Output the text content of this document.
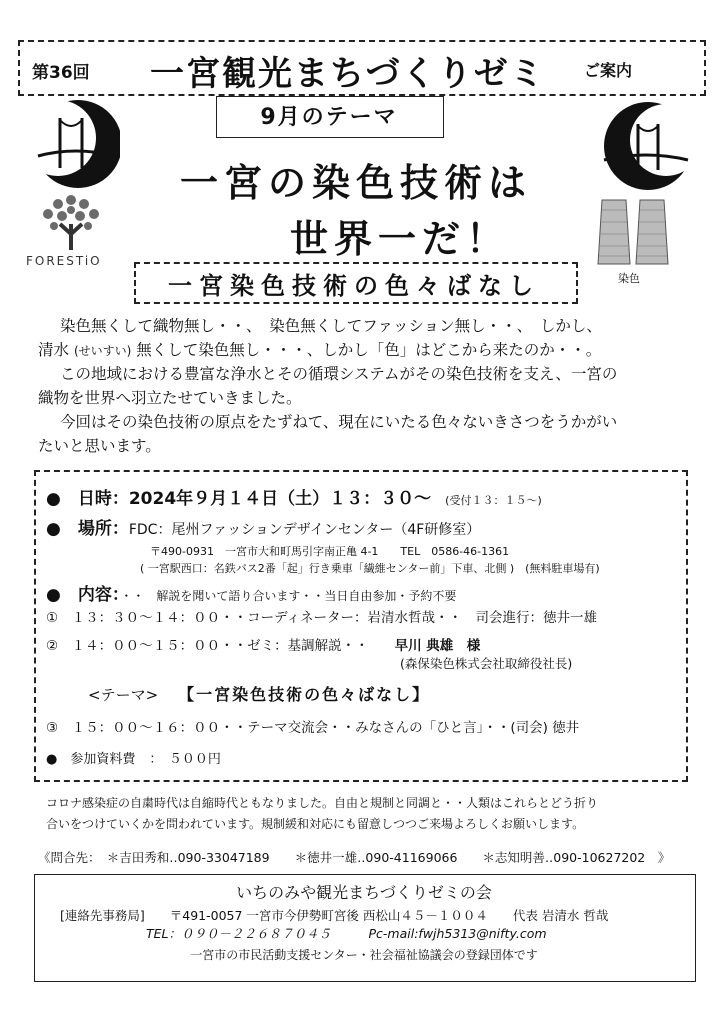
第36回 一宮観光まちづくりゼミ ご案内
9月のテーマ
一宮の染色技術は
世界一だ！
一宮染色技術の色々ばなし
FORESTiO
染色
染色無くして織物無し・・、　染色無くしてファッション無し・・、　しかし、
清水 (せいすい) 無くして染色無し・・・、しかし「色」はどこから来たのか・・。
この地域における豊富な浄水とその循環システムがその染色技術を支え、一宮の
織物を世界へ羽立たせていきました。
今回はその染色技術の原点をたずねて、現在にいたる色々ないきさつをうかがい
たいと思います。
●　日時：2024年９月１４日（土）１３：３０～ (受付１３：１５～)
●　場所：FDC：尾州ファッションデザインセンター（4F研修室）
〒490-0931　一宮市大和町馬引字南正亀 4-1　　TEL　0586-46-1361
( 一宮駅西口：名鉄バス2番「起」行き乗車「繊維センター前」下車、北側 )　(無料駐車場有)
●　内容：・・　解説を聞いて語り合います・・当日自由参加・予約不要
①　１３：３０～１４：００・・コーディネーター：岩清水哲哉・・　司会進行：徳井一雄
②　１４：００～１５：００・・ゼミ：基調解説・・ 早川 典雄　様
(森保染色株式会社取締役社長)
<テーマ> 【一宮染色技術の色々ばなし】
③　１５：００～１６：００・・テーマ交流会・・みなさんの「ひと言」・・(司会) 徳井
●　参加資料費 ：　５００円
コロナ感染症の自粛時代は自縮時代ともなりました。自由と規制と同調と・・人類はこれらとどう折り
合いをつけていくかを問われています。規制緩和対応にも留意しつつご来場よろしくお願いします。
《問合先：　＊吉田秀和‥090-33047189　　＊徳井一雄‥090-41169066　　＊志知明善‥090-10627202　》
いちのみや観光まちづくりゼミの会
[連絡先事務局]　　〒491-0057 一宮市今伊勢町宮後 西松山４５－１００４　　代表 岩清水 哲哉
TEL：０９０－２２６８７０４５　　　Pc-mail:fwjh5313@nifty.com
一宮市の市民活動支援センター・社会福祉協議会の登録団体です
